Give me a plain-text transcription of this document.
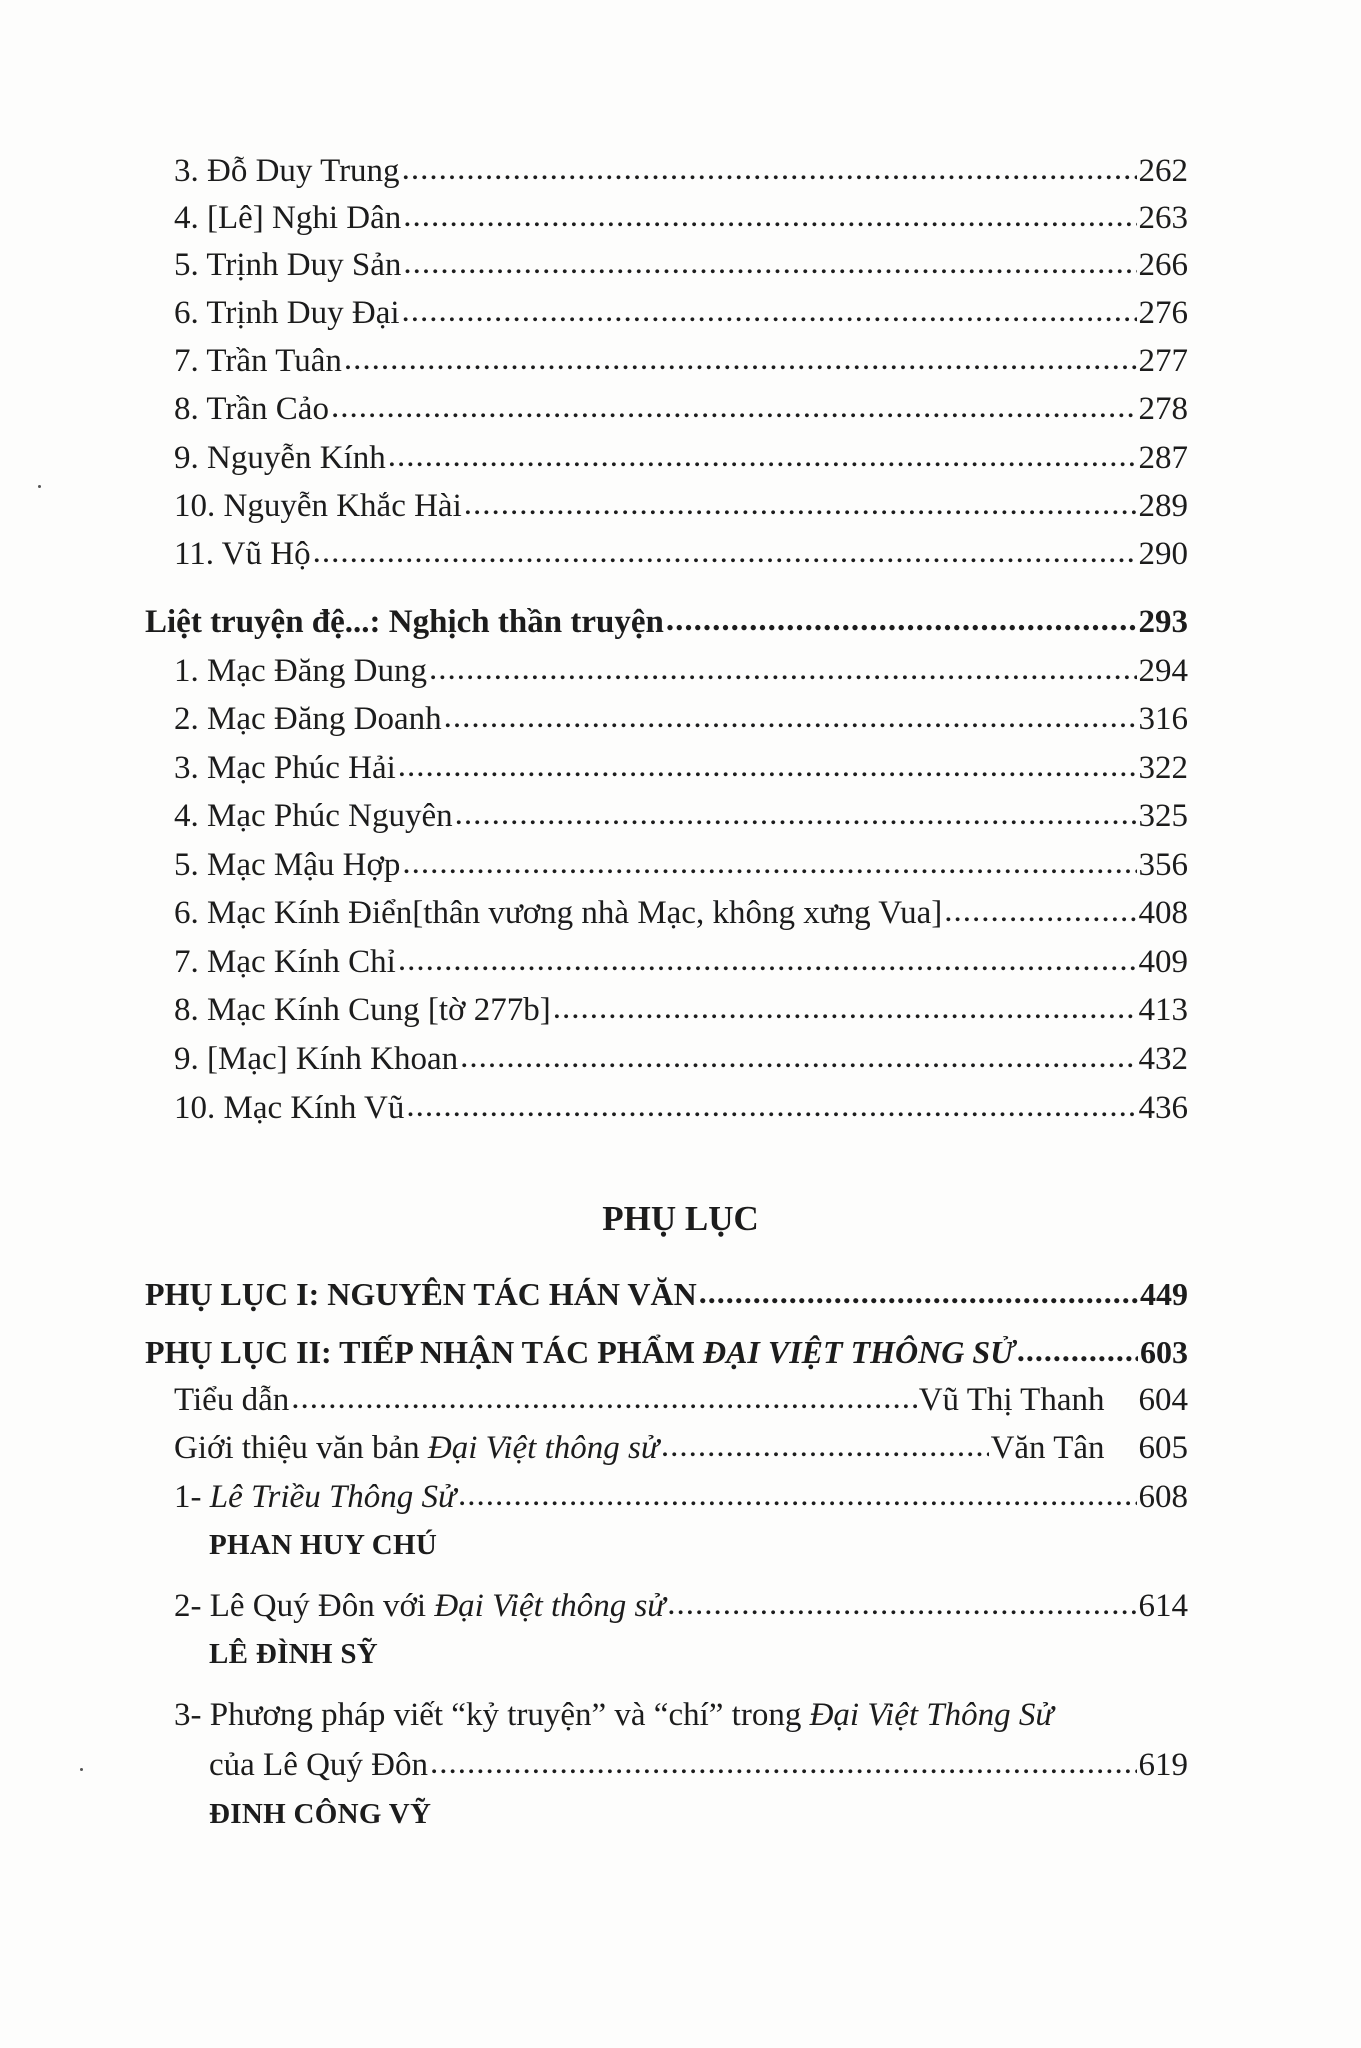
3. Đỗ Duy Trung .....	262
4. [Lê] Nghi Dân .....	263
5. Trịnh Duy Sản .....	266
6. Trịnh Duy Đại .....	276
7. Trần Tuân .....	277
8. Trần Cảo .....	278
9. Nguyễn Kính .....	287
10. Nguyễn Khắc Hài .....	289
11. Vũ Hộ .....	290
Liệt truyện đệ...: Nghịch thần truyện .....	293
1. Mạc Đăng Dung .....	294
2. Mạc Đăng Doanh .....	316
3. Mạc Phúc Hải .....	322
4. Mạc Phúc Nguyên .....	325
5. Mạc Mậu Hợp .....	356
6. Mạc Kính Điển[thân vương nhà Mạc, không xưng Vua] .....	408
7. Mạc Kính Chỉ .....	409
8. Mạc Kính Cung [tờ 277b] .....	413
9. [Mạc] Kính Khoan .....	432
10. Mạc Kính Vũ .....	436
PHỤ LỤC
PHỤ LỤC I: NGUYÊN TÁC HÁN VĂN .....	449
PHỤ LỤC II: TIẾP NHẬN TÁC PHẨM ĐẠI VIỆT THÔNG SỬ .....	603
Tiểu dẫn .....	Vũ Thị Thanh 604
Giới thiệu văn bản Đại Việt thông sử .....	Văn Tân 605
1- Lê Triều Thông Sử .....	608
PHAN HUY CHÚ
2- Lê Quý Đôn với Đại Việt thông sử .....	614
LÊ ĐÌNH SỸ
3- Phương pháp viết “kỷ truyện” và “chí” trong Đại Việt Thông Sử
của Lê Quý Đôn .....	619
ĐINH CÔNG VỸ
